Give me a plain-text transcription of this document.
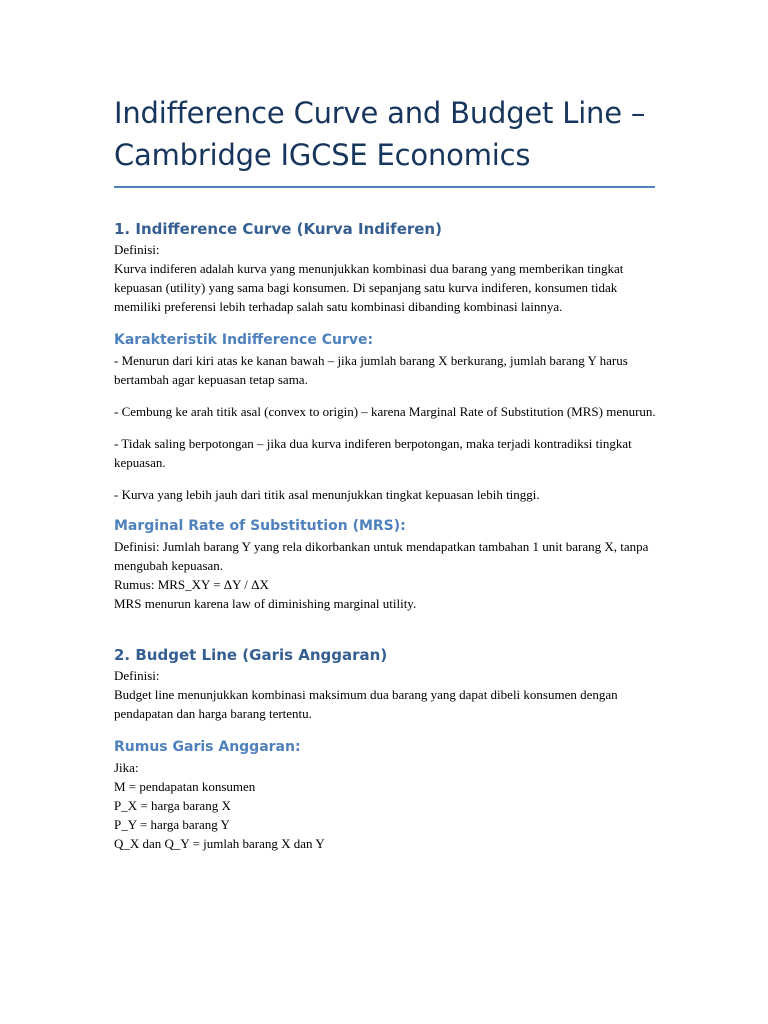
Indifference Curve and Budget Line –
Cambridge IGCSE Economics
1. Indifference Curve (Kurva Indiferen)

Definisi:

Kurva indiferen adalah kurva yang menunjukkan kombinasi dua barang yang memberikan tingkat kepuasan (utility) yang sama bagi konsumen. Di sepanjang satu kurva indiferen, konsumen tidak memiliki preferensi lebih terhadap salah satu kombinasi dibanding kombinasi lainnya.

Karakteristik Indifference Curve:

- Menurun dari kiri atas ke kanan bawah – jika jumlah barang X berkurang, jumlah barang Y harus bertambah agar kepuasan tetap sama.

- Cembung ke arah titik asal (convex to origin) – karena Marginal Rate of Substitution (MRS) menurun.

- Tidak saling berpotongan – jika dua kurva indiferen berpotongan, maka terjadi kontradiksi tingkat kepuasan.

- Kurva yang lebih jauh dari titik asal menunjukkan tingkat kepuasan lebih tinggi.

Marginal Rate of Substitution (MRS):

Definisi: Jumlah barang Y yang rela dikorbankan untuk mendapatkan tambahan 1 unit barang X, tanpa mengubah kepuasan.

Rumus: MRS_XY = ΔY / ΔX

MRS menurun karena law of diminishing marginal utility.

2. Budget Line (Garis Anggaran)

Definisi:

Budget line menunjukkan kombinasi maksimum dua barang yang dapat dibeli konsumen dengan pendapatan dan harga barang tertentu.

Rumus Garis Anggaran:

Jika:

M = pendapatan konsumen

P_X = harga barang X

P_Y = harga barang Y

Q_X dan Q_Y = jumlah barang X dan Y
